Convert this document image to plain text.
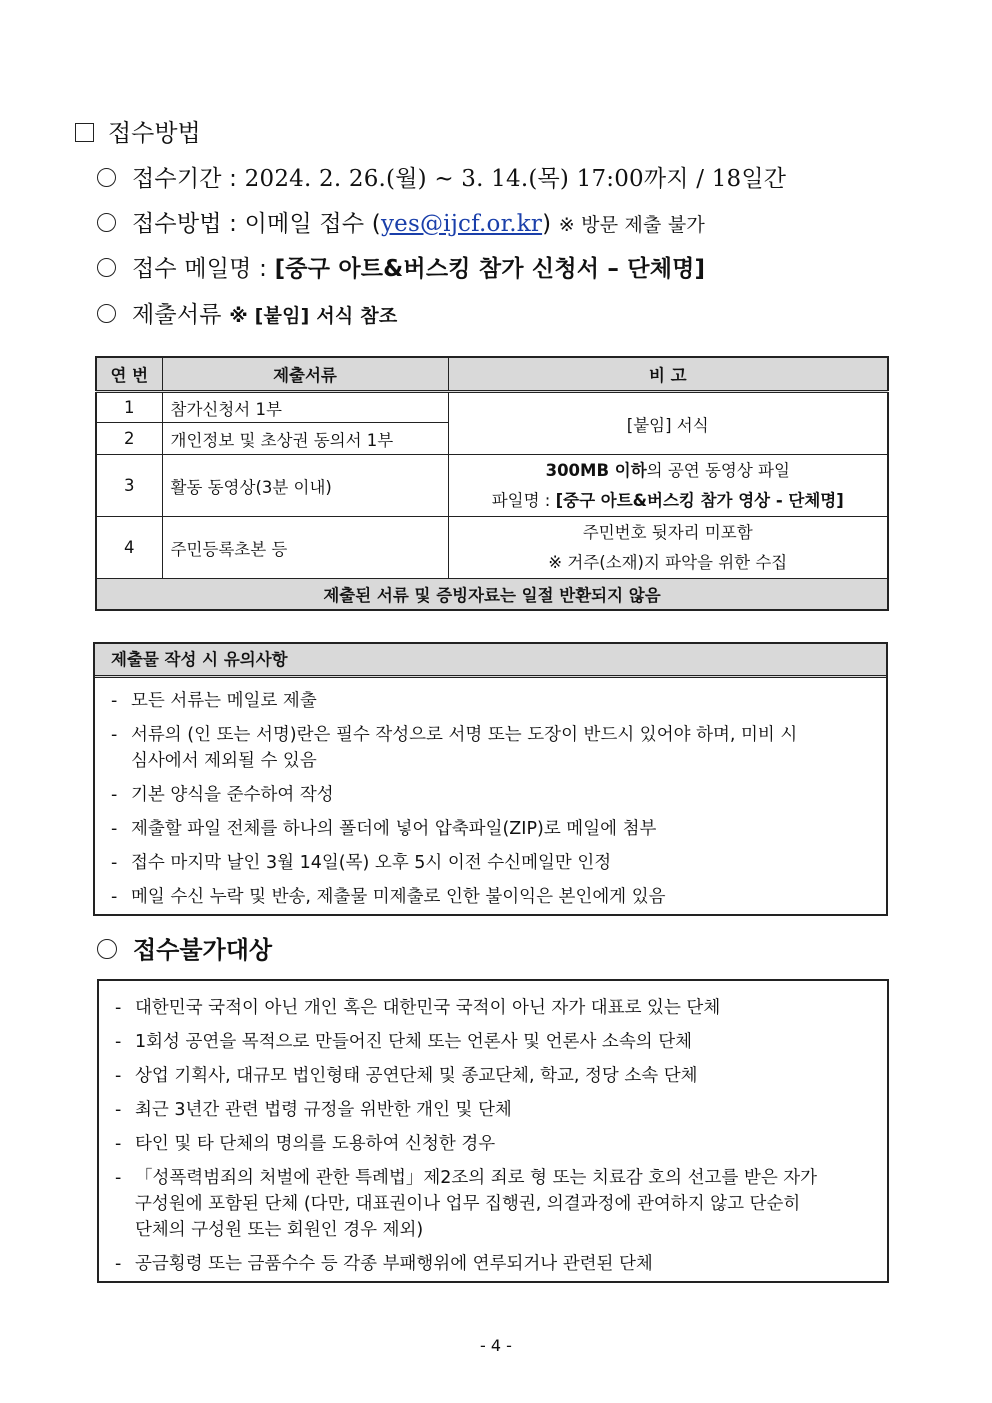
접수방법
접수기간 : 2024. 2. 26.(월) ~ 3. 14.(목) 17:00까지 / 18일간
접수방법 : 이메일 접수 (yes@ijcf.or.kr) ※ 방문 제출 불가
접수 메일명 : [중구 아트&버스킹 참가 신청서 – 단체명]
제출서류 ※ [붙임] 서식 참조
연 번	제출서류	비 고
1	참가신청서 1부	[붙임] 서식
2	개인정보 및 초상권 동의서 1부	
3	활동 동영상(3분 이내)	300MB 이하의 공연 동영상 파일
파일명 : [중구 아트&버스킹 참가 영상 - 단체명]

4	주민등록초본 등	주민번호 뒷자리 미포함
※ 거주(소재)지 파악을 위한 수집

제출된 서류 및 증빙자료는 일절 반환되지 않음		
제출물 작성 시 유의사항
- 모든 서류는 메일로 제출
- 서류의 (인 또는 서명)란은 필수 작성으로 서명 또는 도장이 반드시 있어야 하며, 미비 시
심사에서 제외될 수 있음
- 기본 양식을 준수하여 작성
- 제출할 파일 전체를 하나의 폴더에 넣어 압축파일(ZIP)로 메일에 첨부
- 접수 마지막 날인 3월 14일(목) 오후 5시 이전 수신메일만 인정
- 메일 수신 누락 및 반송, 제출물 미제출로 인한 불이익은 본인에게 있음
접수불가대상
- 대한민국 국적이 아닌 개인 혹은 대한민국 국적이 아닌 자가 대표로 있는 단체
- 1회성 공연을 목적으로 만들어진 단체 또는 언론사 및 언론사 소속의 단체
- 상업 기획사, 대규모 법인형태 공연단체 및 종교단체, 학교, 정당 소속 단체
- 최근 3년간 관련 법령 규정을 위반한 개인 및 단체
- 타인 및 타 단체의 명의를 도용하여 신청한 경우
- 「성폭력범죄의 처벌에 관한 특례법」제2조의 죄로 형 또는 치료감 호의 선고를 받은 자가
구성원에 포함된 단체 (다만, 대표권이나 업무 집행권, 의결과정에 관여하지 않고 단순히
단체의 구성원 또는 회원인 경우 제외)
- 공금횡령 또는 금품수수 등 각종 부패행위에 연루되거나 관련된 단체
- 4 -
